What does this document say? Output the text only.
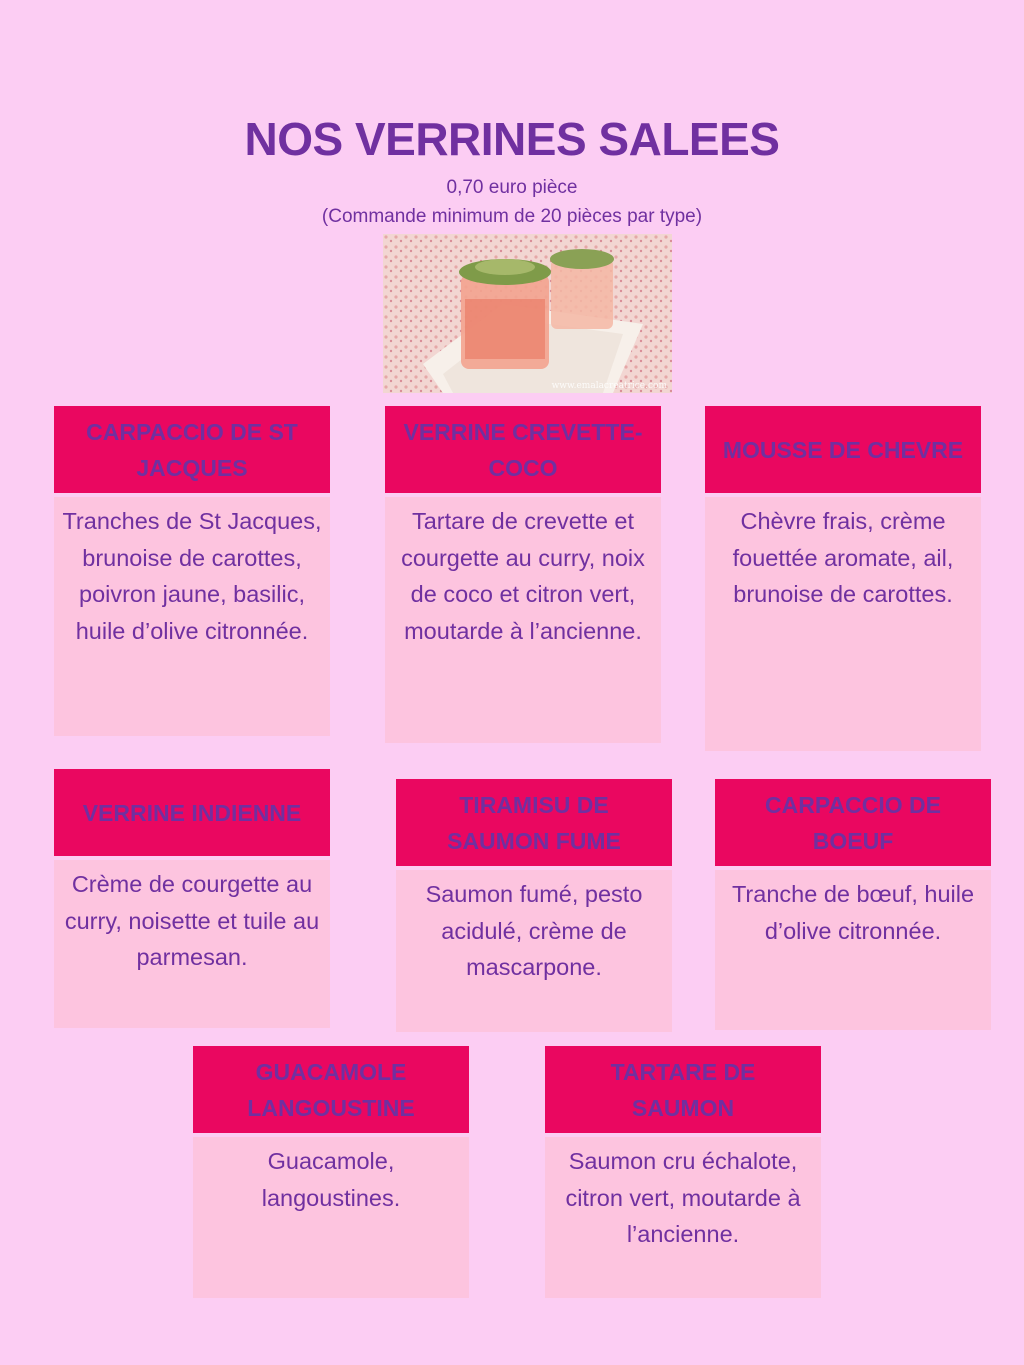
NOS VERRINES SALEES
0,70 euro pièce
(Commande minimum de 20 pièces par type)
www.emalacreatrice.com
CARPACCIO DE ST JACQUES
Tranches de St Jacques, brunoise de carottes, poivron jaune, basilic, huile d’olive citronnée.
VERRINE CREVETTE-COCO
Tartare de crevette et courgette au curry, noix de coco et citron vert, moutarde à l’ancienne.
MOUSSE DE CHEVRE
Chèvre frais, crème fouettée aromate, ail, brunoise de carottes.
VERRINE INDIENNE
Crème de courgette au curry, noisette et tuile au parmesan.
TIRAMISU DE SAUMON FUME
Saumon fumé, pesto acidulé, crème de mascarpone.
CARPACCIO DE BOEUF
Tranche de bœuf, huile d’olive citronnée.
GUACAMOLE LANGOUSTINE
Guacamole, langoustines.
TARTARE DE SAUMON
Saumon cru échalote, citron vert, moutarde à l’ancienne.
